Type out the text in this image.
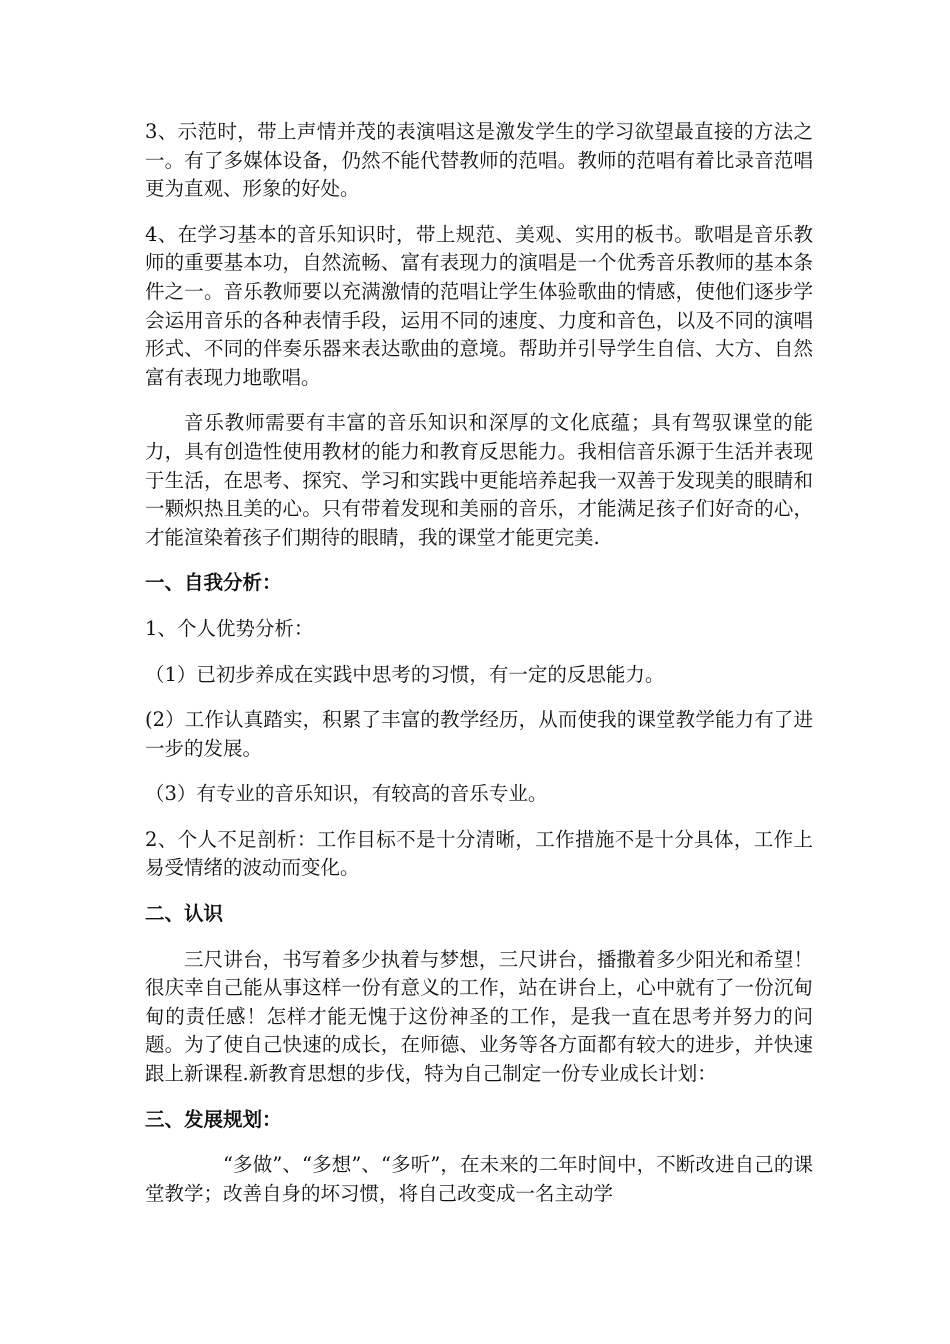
3、示范时，带上声情并茂的表演唱这是激发学生的学习欲望最直接的方法之一。有了多媒体设备，仍然不能代替教师的范唱。教师的范唱有着比录音范唱更为直观、形象的好处。

4、在学习基本的音乐知识时，带上规范、美观、实用的板书。歌唱是音乐教师的重要基本功，自然流畅、富有表现力的演唱是一个优秀音乐教师的基本条件之一。音乐教师要以充满激情的范唱让学生体验歌曲的情感，使他们逐步学会运用音乐的各种表情手段，运用不同的速度、力度和音色，以及不同的演唱形式、不同的伴奏乐器来表达歌曲的意境。帮助并引导学生自信、大方、自然富有表现力地歌唱。

音乐教师需要有丰富的音乐知识和深厚的文化底蕴；具有驾驭课堂的能力，具有创造性使用教材的能力和教育反思能力。我相信音乐源于生活并表现于生活，在思考、探究、学习和实践中更能培养起我一双善于发现美的眼睛和一颗炽热且美的心。只有带着发现和美丽的音乐，才能满足孩子们好奇的心，才能渲染着孩子们期待的眼睛，我的课堂才能更完美.

一、自我分析：

1、个人优势分析：

（1）已初步养成在实践中思考的习惯，有一定的反思能力。

(2）工作认真踏实，积累了丰富的教学经历，从而使我的课堂教学能力有了进一步的发展。

（3）有专业的音乐知识，有较高的音乐专业。

2、个人不足剖析：工作目标不是十分清晰，工作措施不是十分具体，工作上易受情绪的波动而变化。

二、认识

三尺讲台，书写着多少执着与梦想，三尺讲台，播撒着多少阳光和希望！很庆幸自己能从事这样一份有意义的工作，站在讲台上，心中就有了一份沉甸甸的责任感！怎样才能无愧于这份神圣的工作，是我一直在思考并努力的问题。为了使自己快速的成长，在师德、业务等各方面都有较大的进步，并快速跟上新课程.新教育思想的步伐，特为自己制定一份专业成长计划：

三、发展规划：

“多做”、“多想”、“多听”，在未来的二年时间中，不断改进自己的课堂教学；改善自身的坏习惯，将自己改变成一名主动学
